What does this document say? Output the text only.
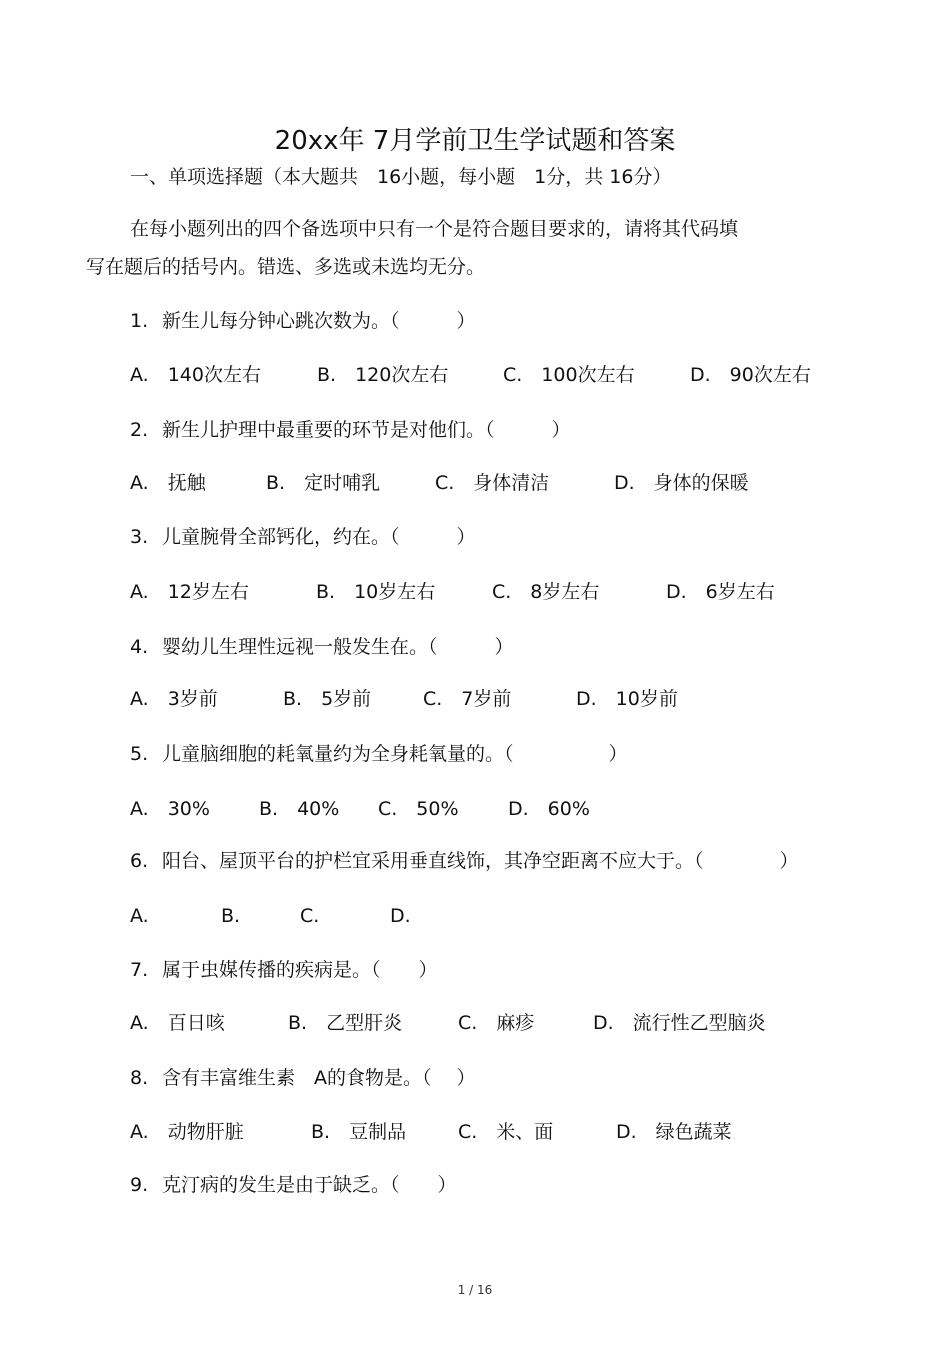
20xx年 7月学前卫生学试题和答案
一、单项选择题（本大题共　16小题，每小题　1分，共 16分）
在每小题列出的四个备选项中只有一个是符合题目要求的，请将其代码填
写在题后的括号内。错选、多选或未选均无分。
1. 新生儿每分钟心跳次数为。（　　　）
A.　140次左右	B.　120次左右	C.　100次左右	D.　90次左右
2. 新生儿护理中最重要的环节是对他们。（　　　）
A.　抚触	B.　定时哺乳	C.　身体清洁	D.　身体的保暖
3. 儿童腕骨全部钙化，约在。（　　　）
A.　12岁左右	B.　10岁左右	C.　8岁左右	D.　6岁左右
4. 婴幼儿生理性远视一般发生在。（　　　）
A.　3岁前	B.　5岁前	C.　7岁前	D.　10岁前
5. 儿童脑细胞的耗氧量约为全身耗氧量的。（　　　　　）
A.　30%	B.　40% C.　50%	D.　60%
6. 阳台、屋顶平台的护栏宜采用垂直线饰，其净空距离不应大于。（　　　　）
A.	B.	C.	D.
7. 属于虫媒传播的疾病是。（　　）
A.　百日咳	B.　乙型肝炎	C.　麻疹	D.　流行性乙型脑炎
8. 含有丰富维生素　A的食物是。（　 ）
A.　动物肝脏	B.　豆制品	C.　米、面	D.　绿色蔬菜
9. 克汀病的发生是由于缺乏。（　　）
1 / 16
